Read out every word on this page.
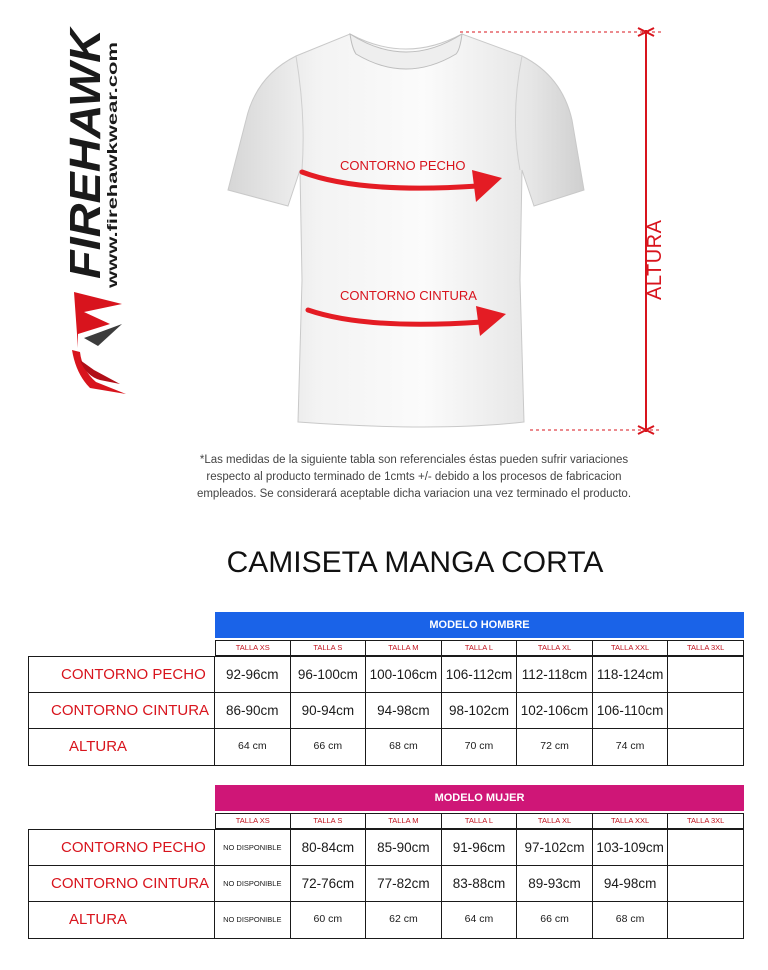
FIREHAWK
www.firehawkwear.com	CONTORNO PECHO
CONTORNO CINTURA	ALTURA
*Las medidas de la siguiente tabla son referenciales éstas pueden sufrir variaciones respecto al producto terminado de 1cmts +/- debido a los procesos de fabricacion empleados. Se considerará aceptable dicha variacion una vez terminado el producto.
CAMISETA MANGA CORTA
MODELO HOMBRE
TALLA XS	TALLA S	TALLA M	TALLA L	TALLA XL	TALLA XXL	TALLA 3XL
CONTORNO PECHO	92-96cm	96-100cm 100-106cm 106-112cm 112-118cm 118-124cm
CONTORNO CINTURA	86-90cm	90-94cm	94-98cm	98-102cm 102-106cm 106-110cm
ALTURA	64 cm	66 cm	68 cm	70 cm	72 cm	74 cm
MODELO MUJER
TALLA XS	TALLA S	TALLA M	TALLA L	TALLA XL	TALLA XXL	TALLA 3XL
CONTORNO PECHO	NO DISPONIBLE	80-84cm	85-90cm	91-96cm	97-102cm 103-109cm
CONTORNO CINTURA	NO DISPONIBLE	72-76cm	77-82cm	83-88cm	89-93cm	94-98cm
ALTURA	NO DISPONIBLE	60 cm	62 cm	64 cm	66 cm	68 cm
